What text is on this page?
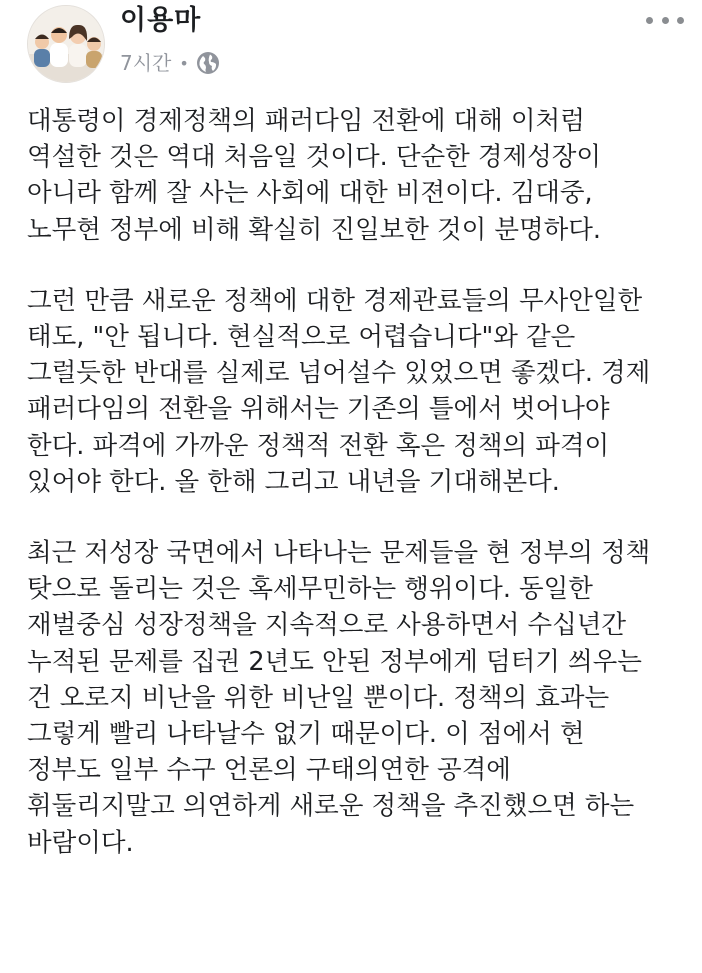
이용마
7시간 •
대통령이 경제정책의 패러다임 전환에 대해 이처럼
역설한 것은 역대 처음일 것이다. 단순한 경제성장이
아니라 함께 잘 사는 사회에 대한 비젼이다. 김대중,
노무현 정부에 비해 확실히 진일보한 것이 분명하다.
그런 만큼 새로운 정책에 대한 경제관료들의 무사안일한
태도, "안 됩니다. 현실적으로 어렵습니다"와 같은
그럴듯한 반대를 실제로 넘어설수 있었으면 좋겠다. 경제
패러다임의 전환을 위해서는 기존의 틀에서 벗어나야
한다. 파격에 가까운 정책적 전환 혹은 정책의 파격이
있어야 한다. 올 한해 그리고 내년을 기대해본다.
최근 저성장 국면에서 나타나는 문제들을 현 정부의 정책
탓으로 돌리는 것은 혹세무민하는 행위이다. 동일한
재벌중심 성장정책을 지속적으로 사용하면서 수십년간
누적된 문제를 집권 2년도 안된 정부에게 덤터기 씌우는
건 오로지 비난을 위한 비난일 뿐이다. 정책의 효과는
그렇게 빨리 나타날수 없기 때문이다. 이 점에서 현
정부도 일부 수구 언론의 구태의연한 공격에
휘둘리지말고 의연하게 새로운 정책을 추진했으면 하는
바람이다.
